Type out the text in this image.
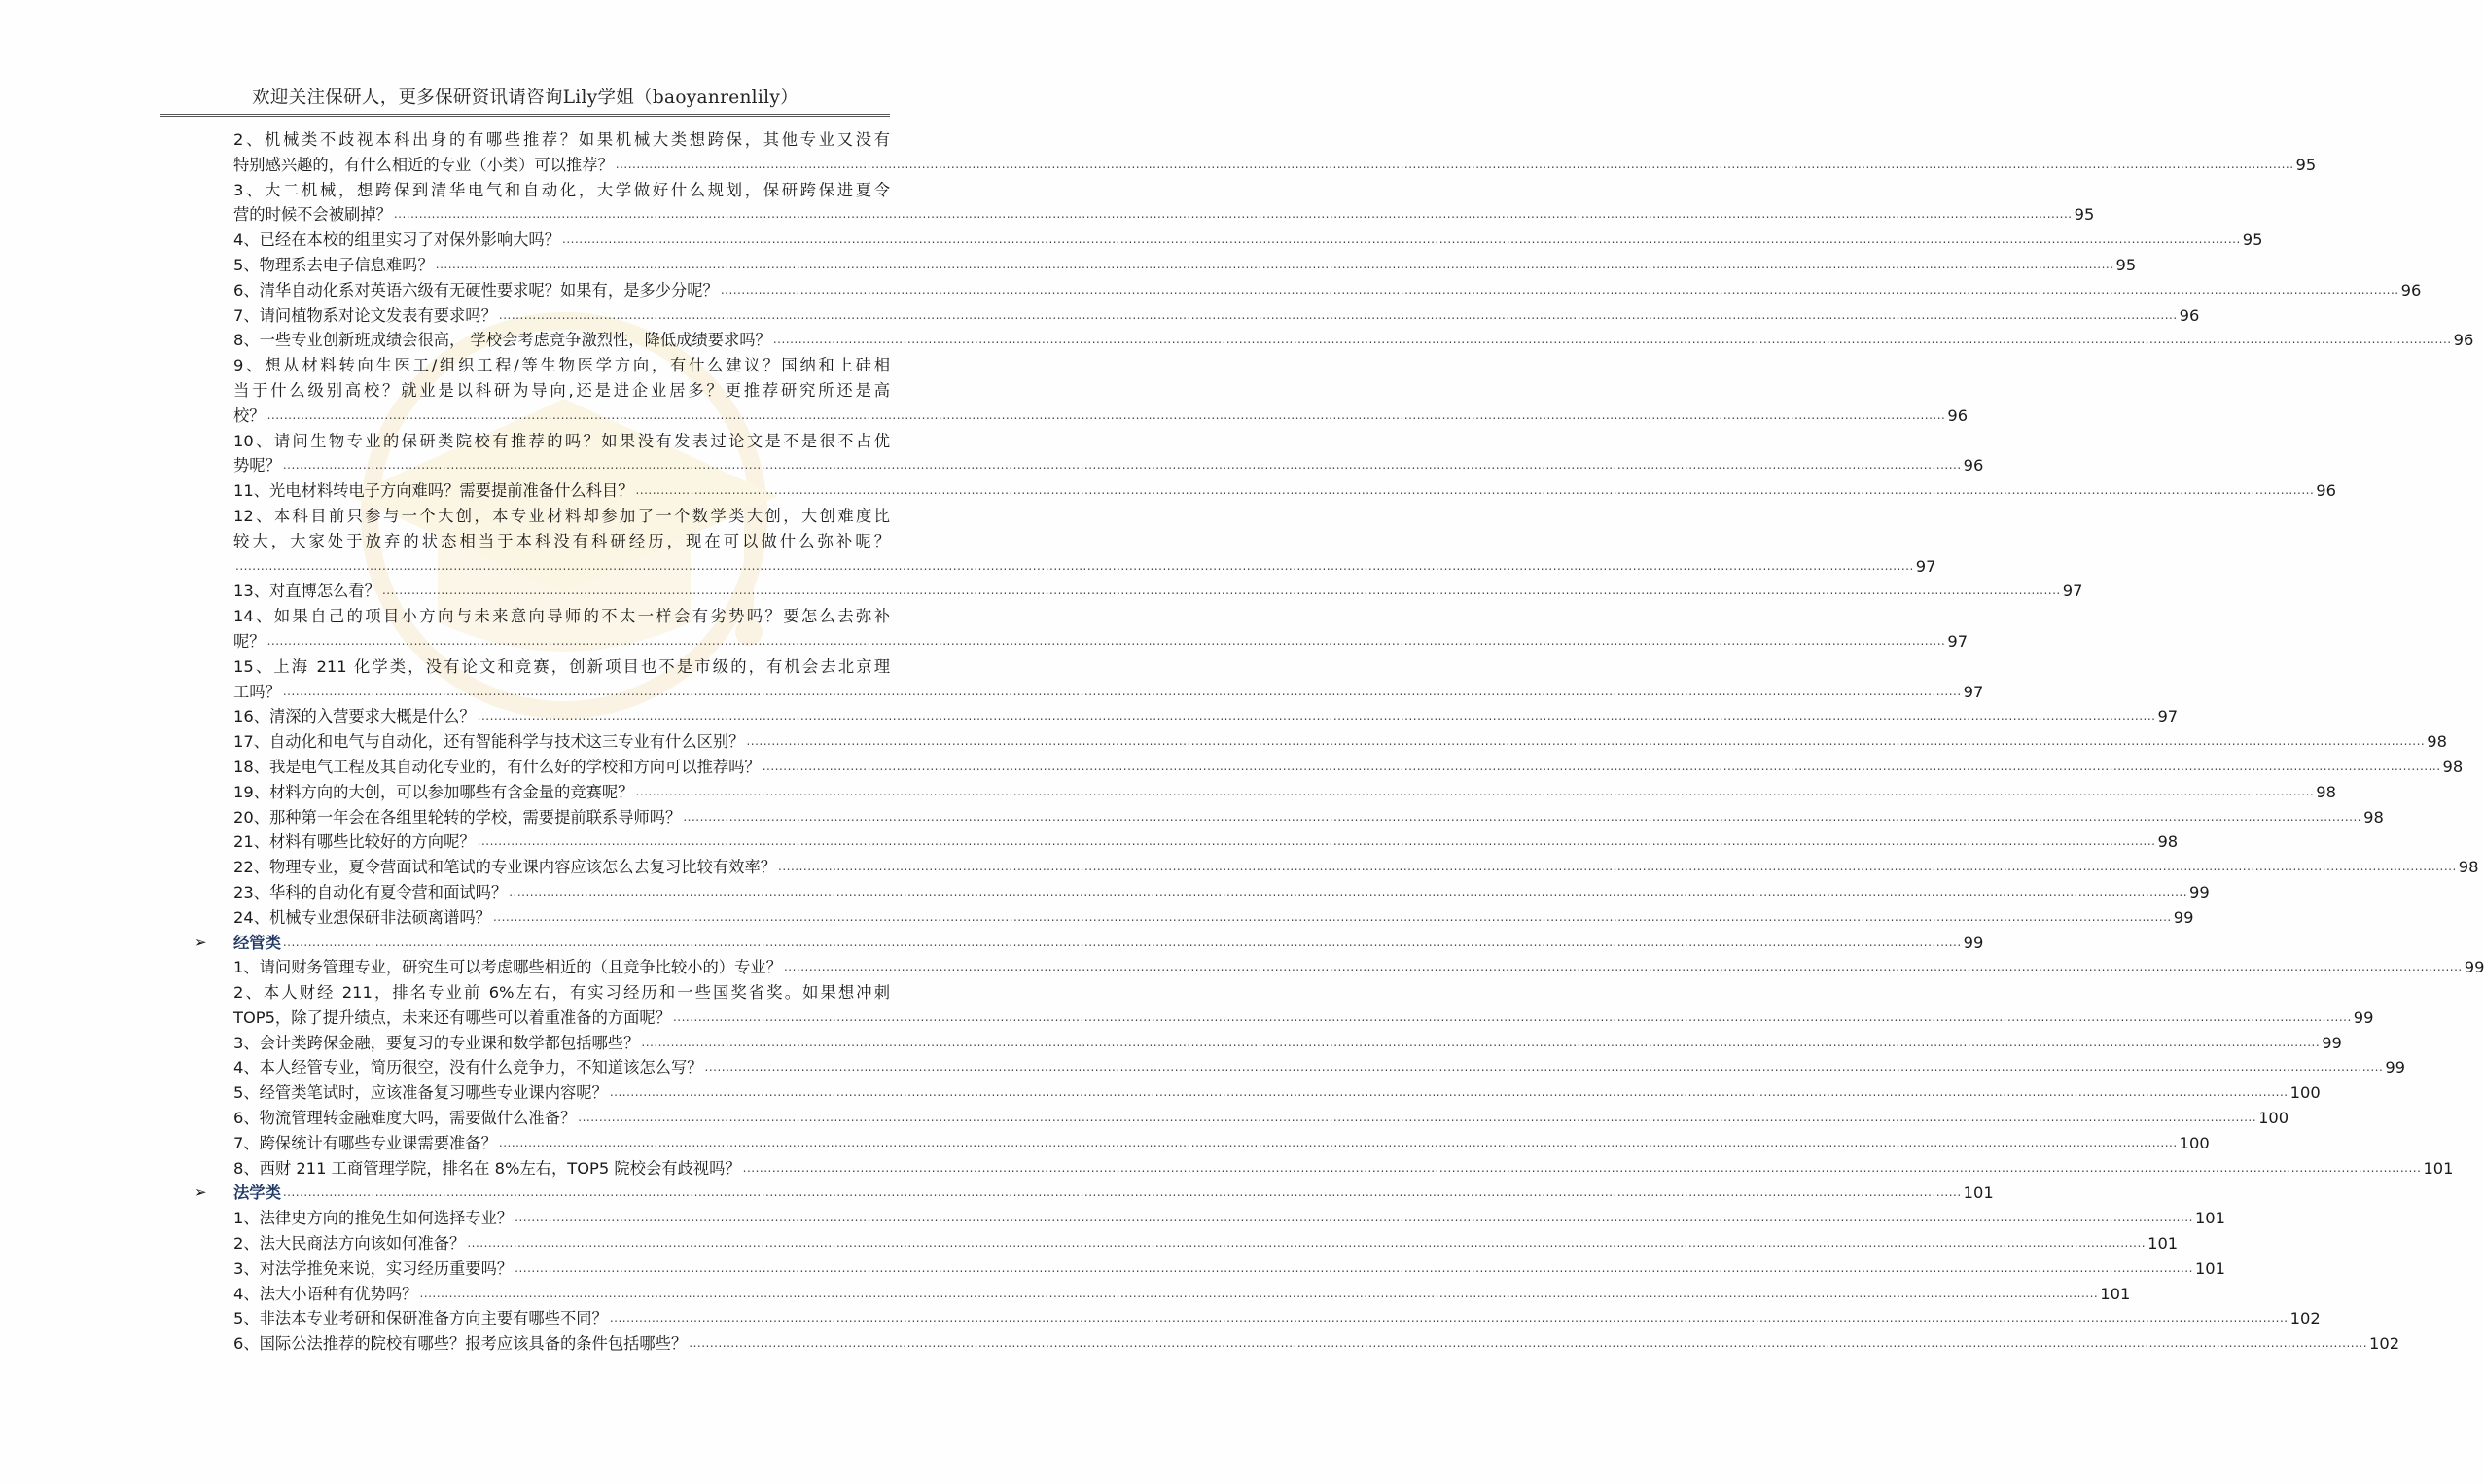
欢迎关注保研人，更多保研资讯请咨询Lily学姐（baoyanrenlily）
2、机械类不歧视本科出身的有哪些推荐？如果机械大类想跨保，其他专业又没有
特别感兴趣的，有什么相近的专业（小类）可以推荐？ ................................................................................................................................................................................................................................................................................................................................................................................................................ 95
3、大二机械，想跨保到清华电气和自动化，大学做好什么规划，保研跨保进夏令
营的时候不会被刷掉？ ................................................................................................................................................................................................................................................................................................................................................................................................................ 95
4、已经在本校的组里实习了对保外影响大吗？ ................................................................................................................................................................................................................................................................................................................................................................................................................ 95
5、物理系去电子信息难吗？ ................................................................................................................................................................................................................................................................................................................................................................................................................ 95
6、清华自动化系对英语六级有无硬性要求呢？如果有，是多少分呢？ ................................................................................................................................................................................................................................................................................................................................................................................................................ 96
7、请问植物系对论文发表有要求吗？ ................................................................................................................................................................................................................................................................................................................................................................................................................ 96
8、一些专业创新班成绩会很高， 学校会考虑竞争激烈性，降低成绩要求吗？ ................................................................................................................................................................................................................................................................................................................................................................................................................ 96
9、想从材料转向生医工/组织工程/等生物医学方向，有什么建议？国纳和上硅相
当于什么级别高校？就业是以科研为导向,还是进企业居多？更推荐研究所还是高
校？ ................................................................................................................................................................................................................................................................................................................................................................................................................ 96
10、请问生物专业的保研类院校有推荐的吗？如果没有发表过论文是不是很不占优
势呢？ ................................................................................................................................................................................................................................................................................................................................................................................................................ 96
11、光电材料转电子方向难吗？需要提前准备什么科目？ ................................................................................................................................................................................................................................................................................................................................................................................................................ 96
12、本科目前只参与一个大创，本专业材料却参加了一个数学类大创，大创难度比
较大，大家处于放弃的状态相当于本科没有科研经历，现在可以做什么弥补呢？
................................................................................................................................................................................................................................................................................................................................................................................................................ 97
13、对直博怎么看？ ................................................................................................................................................................................................................................................................................................................................................................................................................ 97
14、如果自己的项目小方向与未来意向导师的不太一样会有劣势吗？要怎么去弥补
呢？ ................................................................................................................................................................................................................................................................................................................................................................................................................ 97
15、上海 211 化学类，没有论文和竞赛，创新项目也不是市级的，有机会去北京理
工吗？ ................................................................................................................................................................................................................................................................................................................................................................................................................ 97
16、清深的入营要求大概是什么？ ................................................................................................................................................................................................................................................................................................................................................................................................................ 97
17、自动化和电气与自动化，还有智能科学与技术这三专业有什么区别？ ................................................................................................................................................................................................................................................................................................................................................................................................................ 98
18、我是电气工程及其自动化专业的，有什么好的学校和方向可以推荐吗？ ................................................................................................................................................................................................................................................................................................................................................................................................................ 98
19、材料方向的大创，可以参加哪些有含金量的竞赛呢？ ................................................................................................................................................................................................................................................................................................................................................................................................................ 98
20、那种第一年会在各组里轮转的学校，需要提前联系导师吗？ ................................................................................................................................................................................................................................................................................................................................................................................................................ 98
21、材料有哪些比较好的方向呢？ ................................................................................................................................................................................................................................................................................................................................................................................................................ 98
22、物理专业，夏令营面试和笔试的专业课内容应该怎么去复习比较有效率？ ................................................................................................................................................................................................................................................................................................................................................................................................................ 98
23、华科的自动化有夏令营和面试吗？ ................................................................................................................................................................................................................................................................................................................................................................................................................ 99
24、机械专业想保研非法硕离谱吗？ ................................................................................................................................................................................................................................................................................................................................................................................................................ 99
➢ 经管类 ................................................................................................................................................................................................................................................................................................................................................................................................................ 99
1、请问财务管理专业，研究生可以考虑哪些相近的（且竞争比较小的）专业？ ................................................................................................................................................................................................................................................................................................................................................................................................................ 99
2、本人财经 211，排名专业前 6%左右，有实习经历和一些国奖省奖。如果想冲刺
TOP5，除了提升绩点，未来还有哪些可以着重准备的方面呢？ ................................................................................................................................................................................................................................................................................................................................................................................................................ 99
3、会计类跨保金融，要复习的专业课和数学都包括哪些？ ................................................................................................................................................................................................................................................................................................................................................................................................................ 99
4、本人经管专业，简历很空，没有什么竞争力，不知道该怎么写？ ................................................................................................................................................................................................................................................................................................................................................................................................................ 99
5、经管类笔试时，应该准备复习哪些专业课内容呢？ ................................................................................................................................................................................................................................................................................................................................................................................................................ 100
6、物流管理转金融难度大吗，需要做什么准备？ ................................................................................................................................................................................................................................................................................................................................................................................................................ 100
7、跨保统计有哪些专业课需要准备？ ................................................................................................................................................................................................................................................................................................................................................................................................................ 100
8、西财 211 工商管理学院，排名在 8%左右，TOP5 院校会有歧视吗？ ................................................................................................................................................................................................................................................................................................................................................................................................................ 101
➢ 法学类 ................................................................................................................................................................................................................................................................................................................................................................................................................ 101
1、法律史方向的推免生如何选择专业？ ................................................................................................................................................................................................................................................................................................................................................................................................................ 101
2、法大民商法方向该如何准备？ ................................................................................................................................................................................................................................................................................................................................................................................................................ 101
3、对法学推免来说，实习经历重要吗？ ................................................................................................................................................................................................................................................................................................................................................................................................................ 101
4、法大小语种有优势吗？ ................................................................................................................................................................................................................................................................................................................................................................................................................ 101
5、非法本专业考研和保研准备方向主要有哪些不同？ ................................................................................................................................................................................................................................................................................................................................................................................................................ 102
6、国际公法推荐的院校有哪些？报考应该具备的条件包括哪些？ ................................................................................................................................................................................................................................................................................................................................................................................................................ 102
